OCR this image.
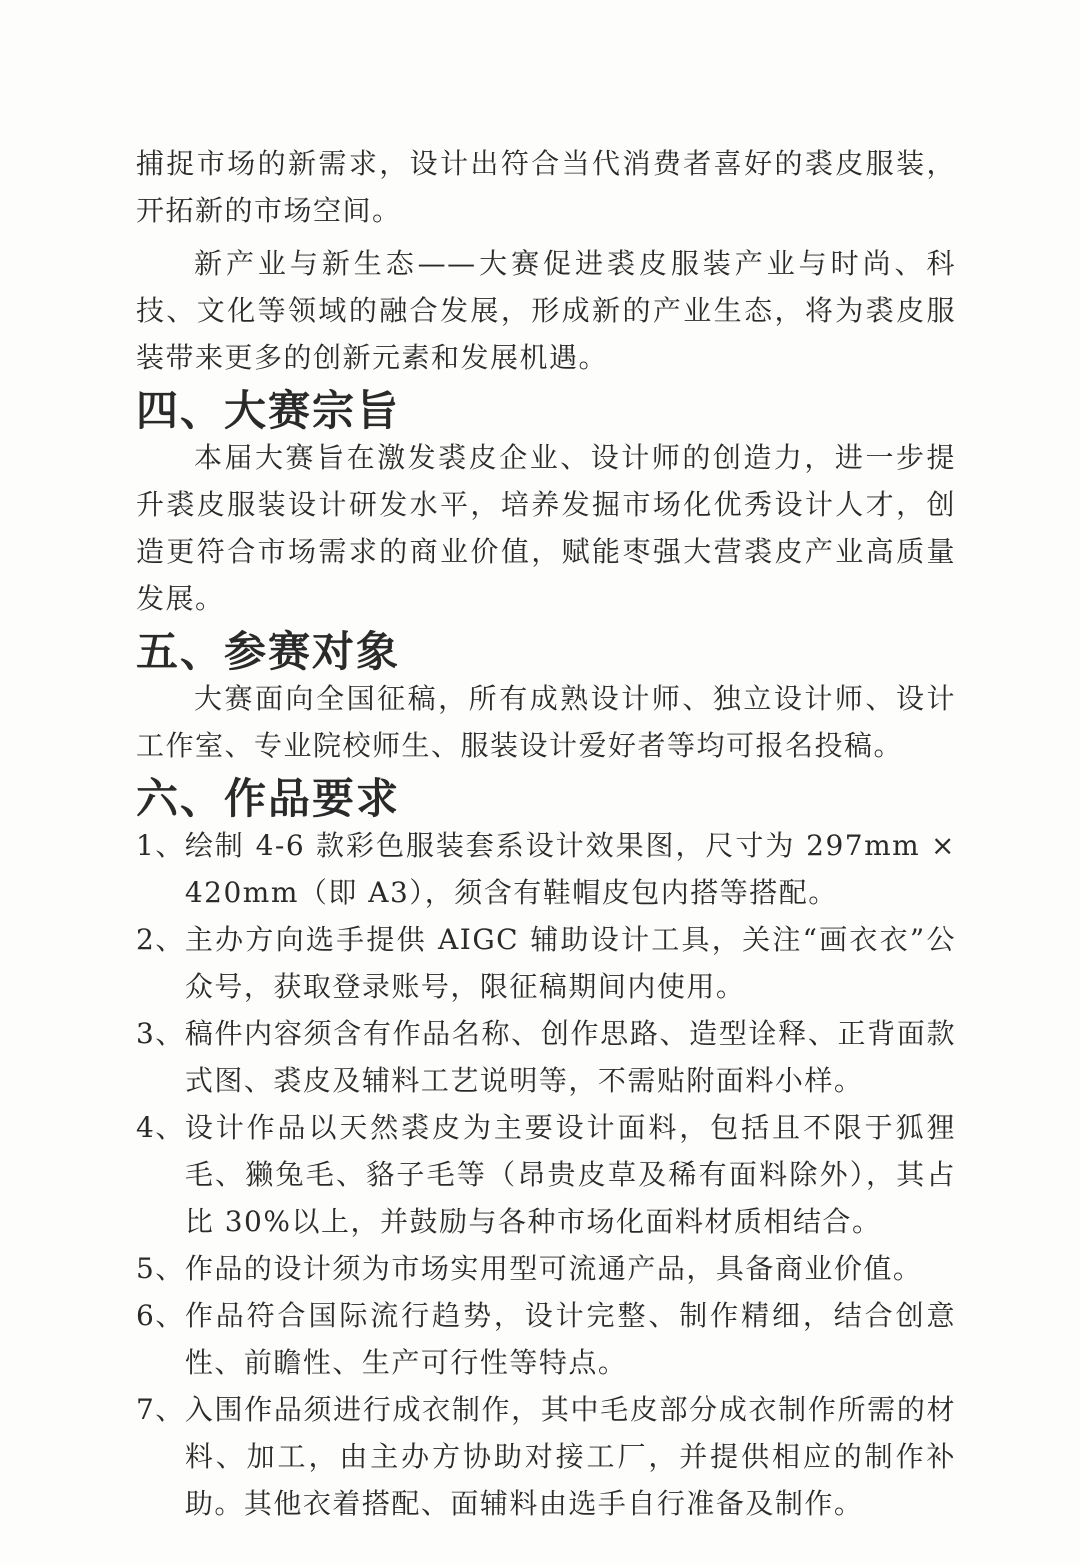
捕捉市场的新需求，设计出符合当代消费者喜好的裘皮服装，开拓新的市场空间。

新产业与新生态——大赛促进裘皮服装产业与时尚、科技、文化等领域的融合发展，形成新的产业生态，将为裘皮服装带来更多的创新元素和发展机遇。

四、大赛宗旨

本届大赛旨在激发裘皮企业、设计师的创造力，进一步提升裘皮服装设计研发水平，培养发掘市场化优秀设计人才，创造更符合市场需求的商业价值，赋能枣强大营裘皮产业高质量发展。

五、参赛对象

大赛面向全国征稿，所有成熟设计师、独立设计师、设计工作室、专业院校师生、服装设计爱好者等均可报名投稿。

六、作品要求
1、 绘制 4-6 款彩色服装套系设计效果图，尺寸为 297mm × 420mm（即 A3），须含有鞋帽皮包内搭等搭配。
2、 主办方向选手提供 AIGC 辅助设计工具，关注“画衣衣”公众号，获取登录账号，限征稿期间内使用。
3、 稿件内容须含有作品名称、创作思路、造型诠释、正背面款式图、裘皮及辅料工艺说明等，不需贴附面料小样。
4、 设计作品以天然裘皮为主要设计面料，包括且不限于狐狸毛、獭兔毛、貉子毛等（昂贵皮草及稀有面料除外），其占比 30%以上，并鼓励与各种市场化面料材质相结合。
5、 作品的设计须为市场实用型可流通产品，具备商业价值。
6、 作品符合国际流行趋势，设计完整、制作精细，结合创意性、前瞻性、生产可行性等特点。
7、 入围作品须进行成衣制作，其中毛皮部分成衣制作所需的材料、加工，由主办方协助对接工厂，并提供相应的制作补助。其他衣着搭配、面辅料由选手自行准备及制作。
